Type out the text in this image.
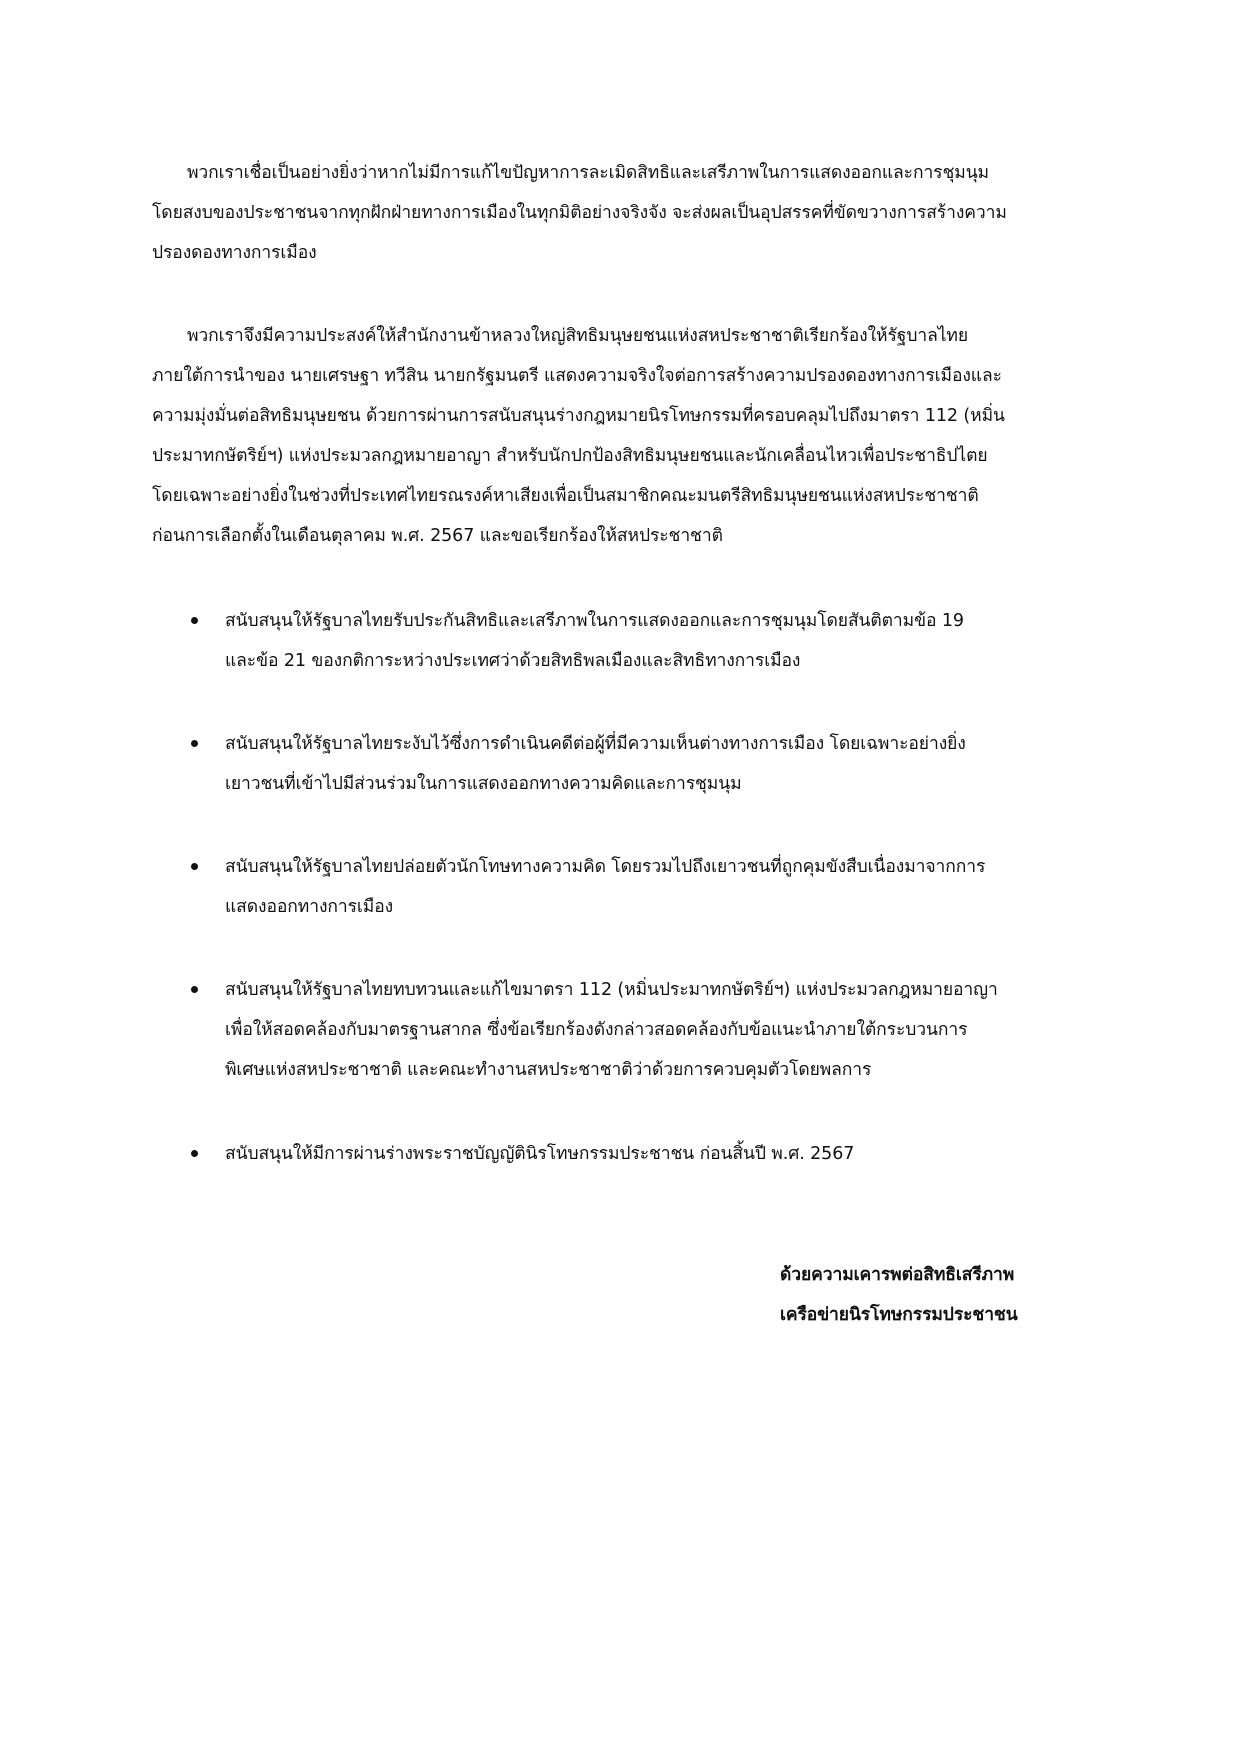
พวกเราเชื่อเป็นอย่างยิ่งว่าหากไม่มีการแก้ไขปัญหาการละเมิดสิทธิและเสรีภาพในการแสดงออกและการชุมนุม
โดยสงบของประชาชนจากทุกฝักฝ่ายทางการเมืองในทุกมิติอย่างจริงจัง จะส่งผลเป็นอุปสรรคที่ขัดขวางการสร้างความ
ปรองดองทางการเมือง
พวกเราจึงมีความประสงค์ให้สำนักงานข้าหลวงใหญ่สิทธิมนุษยชนแห่งสหประชาชาติเรียกร้องให้รัฐบาลไทย
ภายใต้การนำของ นายเศรษฐา ทวีสิน นายกรัฐมนตรี แสดงความจริงใจต่อการสร้างความปรองดองทางการเมืองและ
ความมุ่งมั่นต่อสิทธิมนุษยชน ด้วยการผ่านการสนับสนุนร่างกฎหมายนิรโทษกรรมที่ครอบคลุมไปถึงมาตรา 112 (หมิ่น
ประมาทกษัตริย์ฯ) แห่งประมวลกฎหมายอาญา สำหรับนักปกป้องสิทธิมนุษยชนและนักเคลื่อนไหวเพื่อประชาธิปไตย
โดยเฉพาะอย่างยิ่งในช่วงที่ประเทศไทยรณรงค์หาเสียงเพื่อเป็นสมาชิกคณะมนตรีสิทธิมนุษยชนแห่งสหประชาชาติ
ก่อนการเลือกตั้งในเดือนตุลาคม พ.ศ. 2567 และขอเรียกร้องให้สหประชาชาติ
สนับสนุนให้รัฐบาลไทยรับประกันสิทธิและเสรีภาพในการแสดงออกและการชุมนุมโดยสันติตามข้อ 19
และข้อ 21 ของกติการะหว่างประเทศว่าด้วยสิทธิพลเมืองและสิทธิทางการเมือง
สนับสนุนให้รัฐบาลไทยระงับไว้ซึ่งการดำเนินคดีต่อผู้ที่มีความเห็นต่างทางการเมือง โดยเฉพาะอย่างยิ่ง
เยาวชนที่เข้าไปมีส่วนร่วมในการแสดงออกทางความคิดและการชุมนุม
สนับสนุนให้รัฐบาลไทยปล่อยตัวนักโทษทางความคิด โดยรวมไปถึงเยาวชนที่ถูกคุมขังสืบเนื่องมาจากการ
แสดงออกทางการเมือง
สนับสนุนให้รัฐบาลไทยทบทวนและแก้ไขมาตรา 112 (หมิ่นประมาทกษัตริย์ฯ) แห่งประมวลกฎหมายอาญา
เพื่อให้สอดคล้องกับมาตรฐานสากล ซึ่งข้อเรียกร้องดังกล่าวสอดคล้องกับข้อแนะนำภายใต้กระบวนการ
พิเศษแห่งสหประชาชาติ และคณะทำงานสหประชาชาติว่าด้วยการควบคุมตัวโดยพลการ
สนับสนุนให้มีการผ่านร่างพระราชบัญญัตินิรโทษกรรมประชาชน ก่อนสิ้นปี พ.ศ. 2567
ด้วยความเคารพต่อสิทธิเสรีภาพ
เครือข่ายนิรโทษกรรมประชาชน
